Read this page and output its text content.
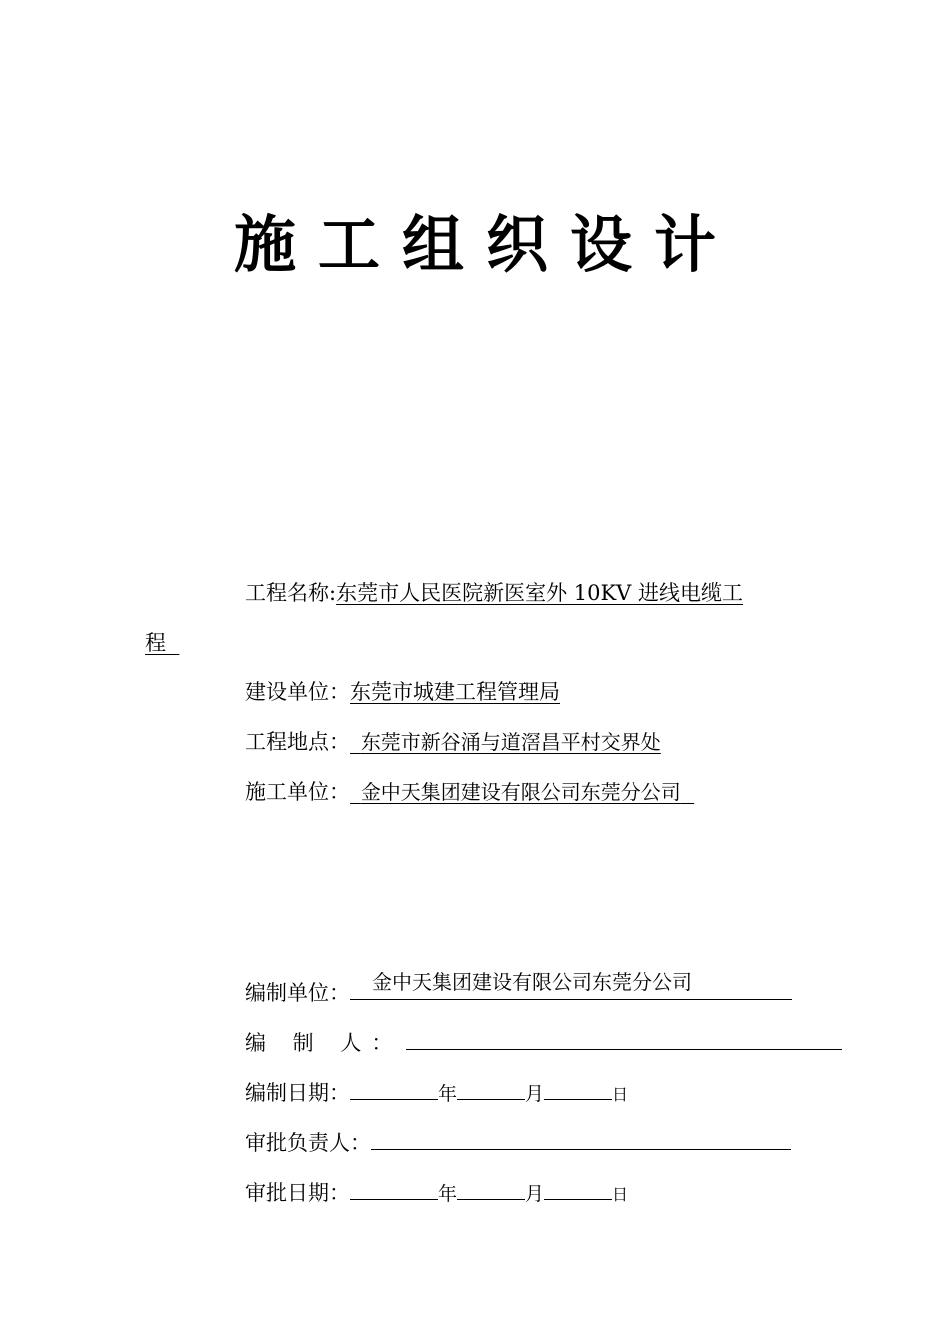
施工组织设计
工程名称:东莞市人民医院新医室外 10KV 进线电缆工
程
建设单位：东莞市城建工程管理局
工程地点： 东莞市新谷涌与道滘昌平村交界处
施工单位： 金中天集团建设有限公司东莞分公司
编制单位： 金中天集团建设有限公司东莞分公司
编 制 人：
编制日期：	年	月	日
审批负责人：
审批日期：	年	月	日
